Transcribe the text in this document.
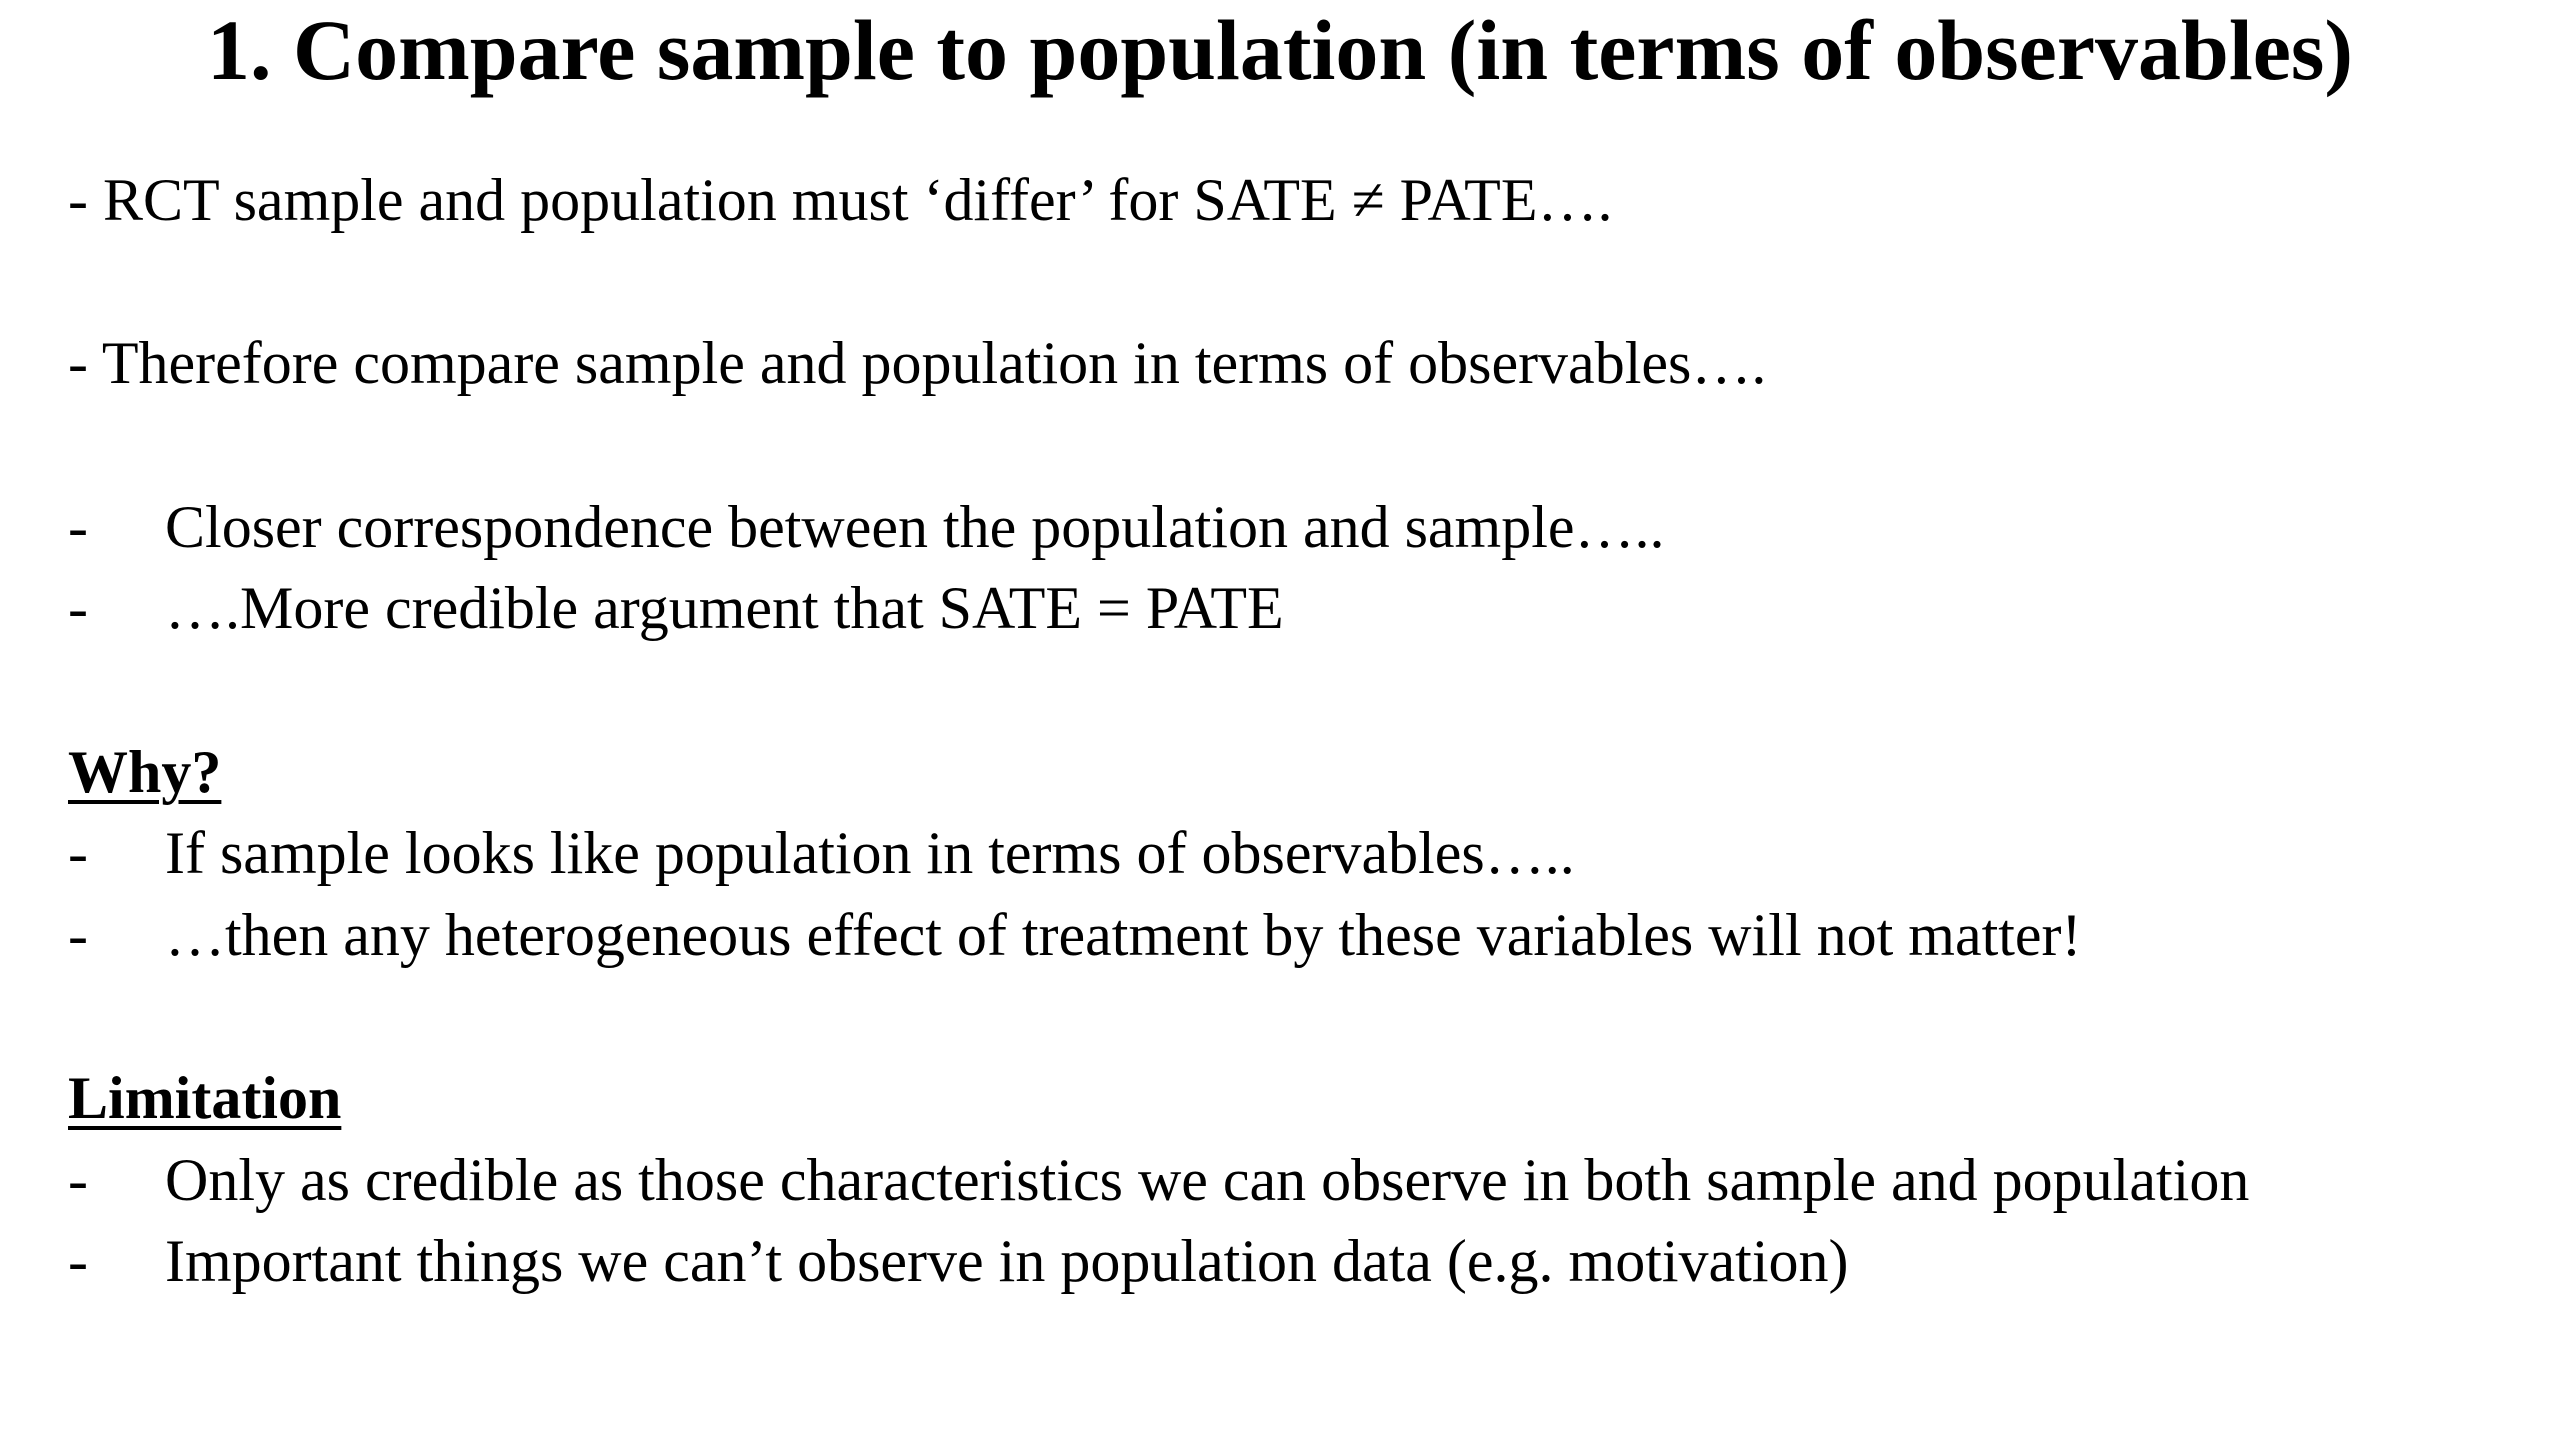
1. Compare sample to population (in terms of observables)
- RCT sample and population must ‘differ’ for SATE ≠ PATE….
- Therefore compare sample and population in terms of observables….
- Closer correspondence between the population and sample…..
- ….More credible argument that SATE = PATE
Why?
- If sample looks like population in terms of observables…..
- …then any heterogeneous effect of treatment by these variables will not matter!
Limitation
- Only as credible as those characteristics we can observe in both sample and population
- Important things we can’t observe in population data (e.g. motivation)
